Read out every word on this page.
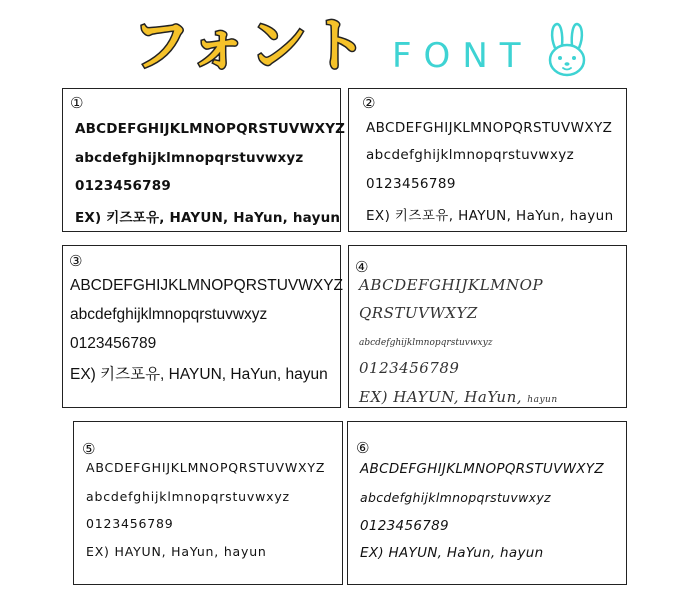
フォント FONT
①
ABCDEFGHIJKLMNOPQRSTUVWXYZ
abcdefghijklmnopqrstuvwxyz
0123456789
EX) 키즈포유, HAYUN, HaYun, hayun
②
ABCDEFGHIJKLMNOPQRSTUVWXYZ
abcdefghijklmnopqrstuvwxyz
0123456789
EX) 키즈포유, HAYUN, HaYun, hayun
③
ABCDEFGHIJKLMNOPQRSTUVWXYZ
abcdefghijklmnopqrstuvwxyz
0123456789
EX) 키즈포유, HAYUN, HaYun, hayun
④
ABCDEFGHIJKLMNOP
QRSTUVWXYZ
abcdefghijklmnopqrstuvwxyz
0123456789
EX) HAYUN, HaYun, hayun
⑤
ABCDEFGHIJKLMNOPQRSTUVWXYZ
abcdefghijklmnopqrstuvwxyz
0123456789
EX) HAYUN, HaYun, hayun
⑥
ABCDEFGHIJKLMNOPQRSTUVWXYZ
abcdefghijklmnopqrstuvwxyz
0123456789
EX) HAYUN, HaYun, hayun
